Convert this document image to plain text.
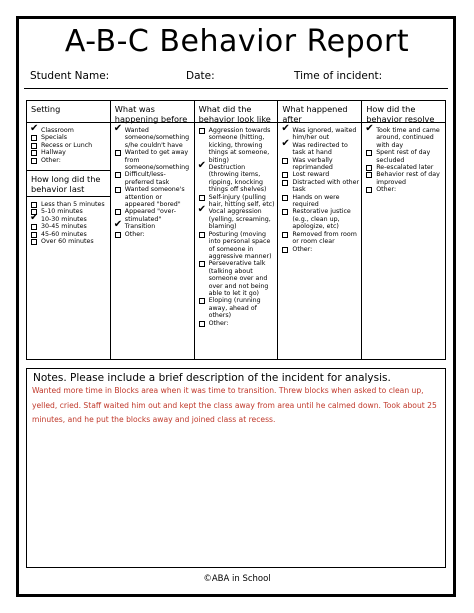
A-B-C Behavior Report
Student Name:	Date:	Time of incident:
Setting
✔ Classroom
Specials
Recess or Lunch
Hallway
Other:
How long did the behavior last
Less than 5 minutes
5-10 minutes
✔ 10-30 minutes
30-45 minutes
45-60 minutes
Over 60 minutes

What was happening before
✔ Wanted someone/something s/he couldn't have
Wanted to get away from someone/something
Difficult/less-preferred task
Wanted someone's attention or appeared "bored"
Appeared "over-stimulated"
✔ Transition
Other:

What did the behavior look like
Aggression towards someone (hitting, kicking, throwing things at someone, biting)
✔ Destruction (throwing items, ripping, knocking things off shelves)
Self-injury (pulling hair, hitting self, etc)
✔ Vocal aggression (yelling, screaming, blaming)
Posturing (moving into personal space of someone in aggressive manner)
Perseverative talk (talking about someone over and over and not being able to let it go)
Eloping (running away, ahead of others)
Other:

What happened after
✔ Was ignored, waited him/her out
✔ Was redirected to task at hand
Was verbally reprimanded
Lost reward
Distracted with other task
Hands on were required
Restorative justice (e.g., clean up, apologize, etc)
Removed from room or room clear
Other:

How did the behavior resolve
✔ Took time and came around, continued with day
Spent rest of day secluded
Re-escalated later
Behavior rest of day improved
Other:
Notes. Please include a brief description of the incident for analysis.
Wanted more time in Blocks area when it was time to transition. Threw blocks when asked to clean up, yelled, cried. Staff waited him out and kept the class away from area until he calmed down. Took about 25 minutes, and he put the blocks away and joined class at recess.
©ABA in School
